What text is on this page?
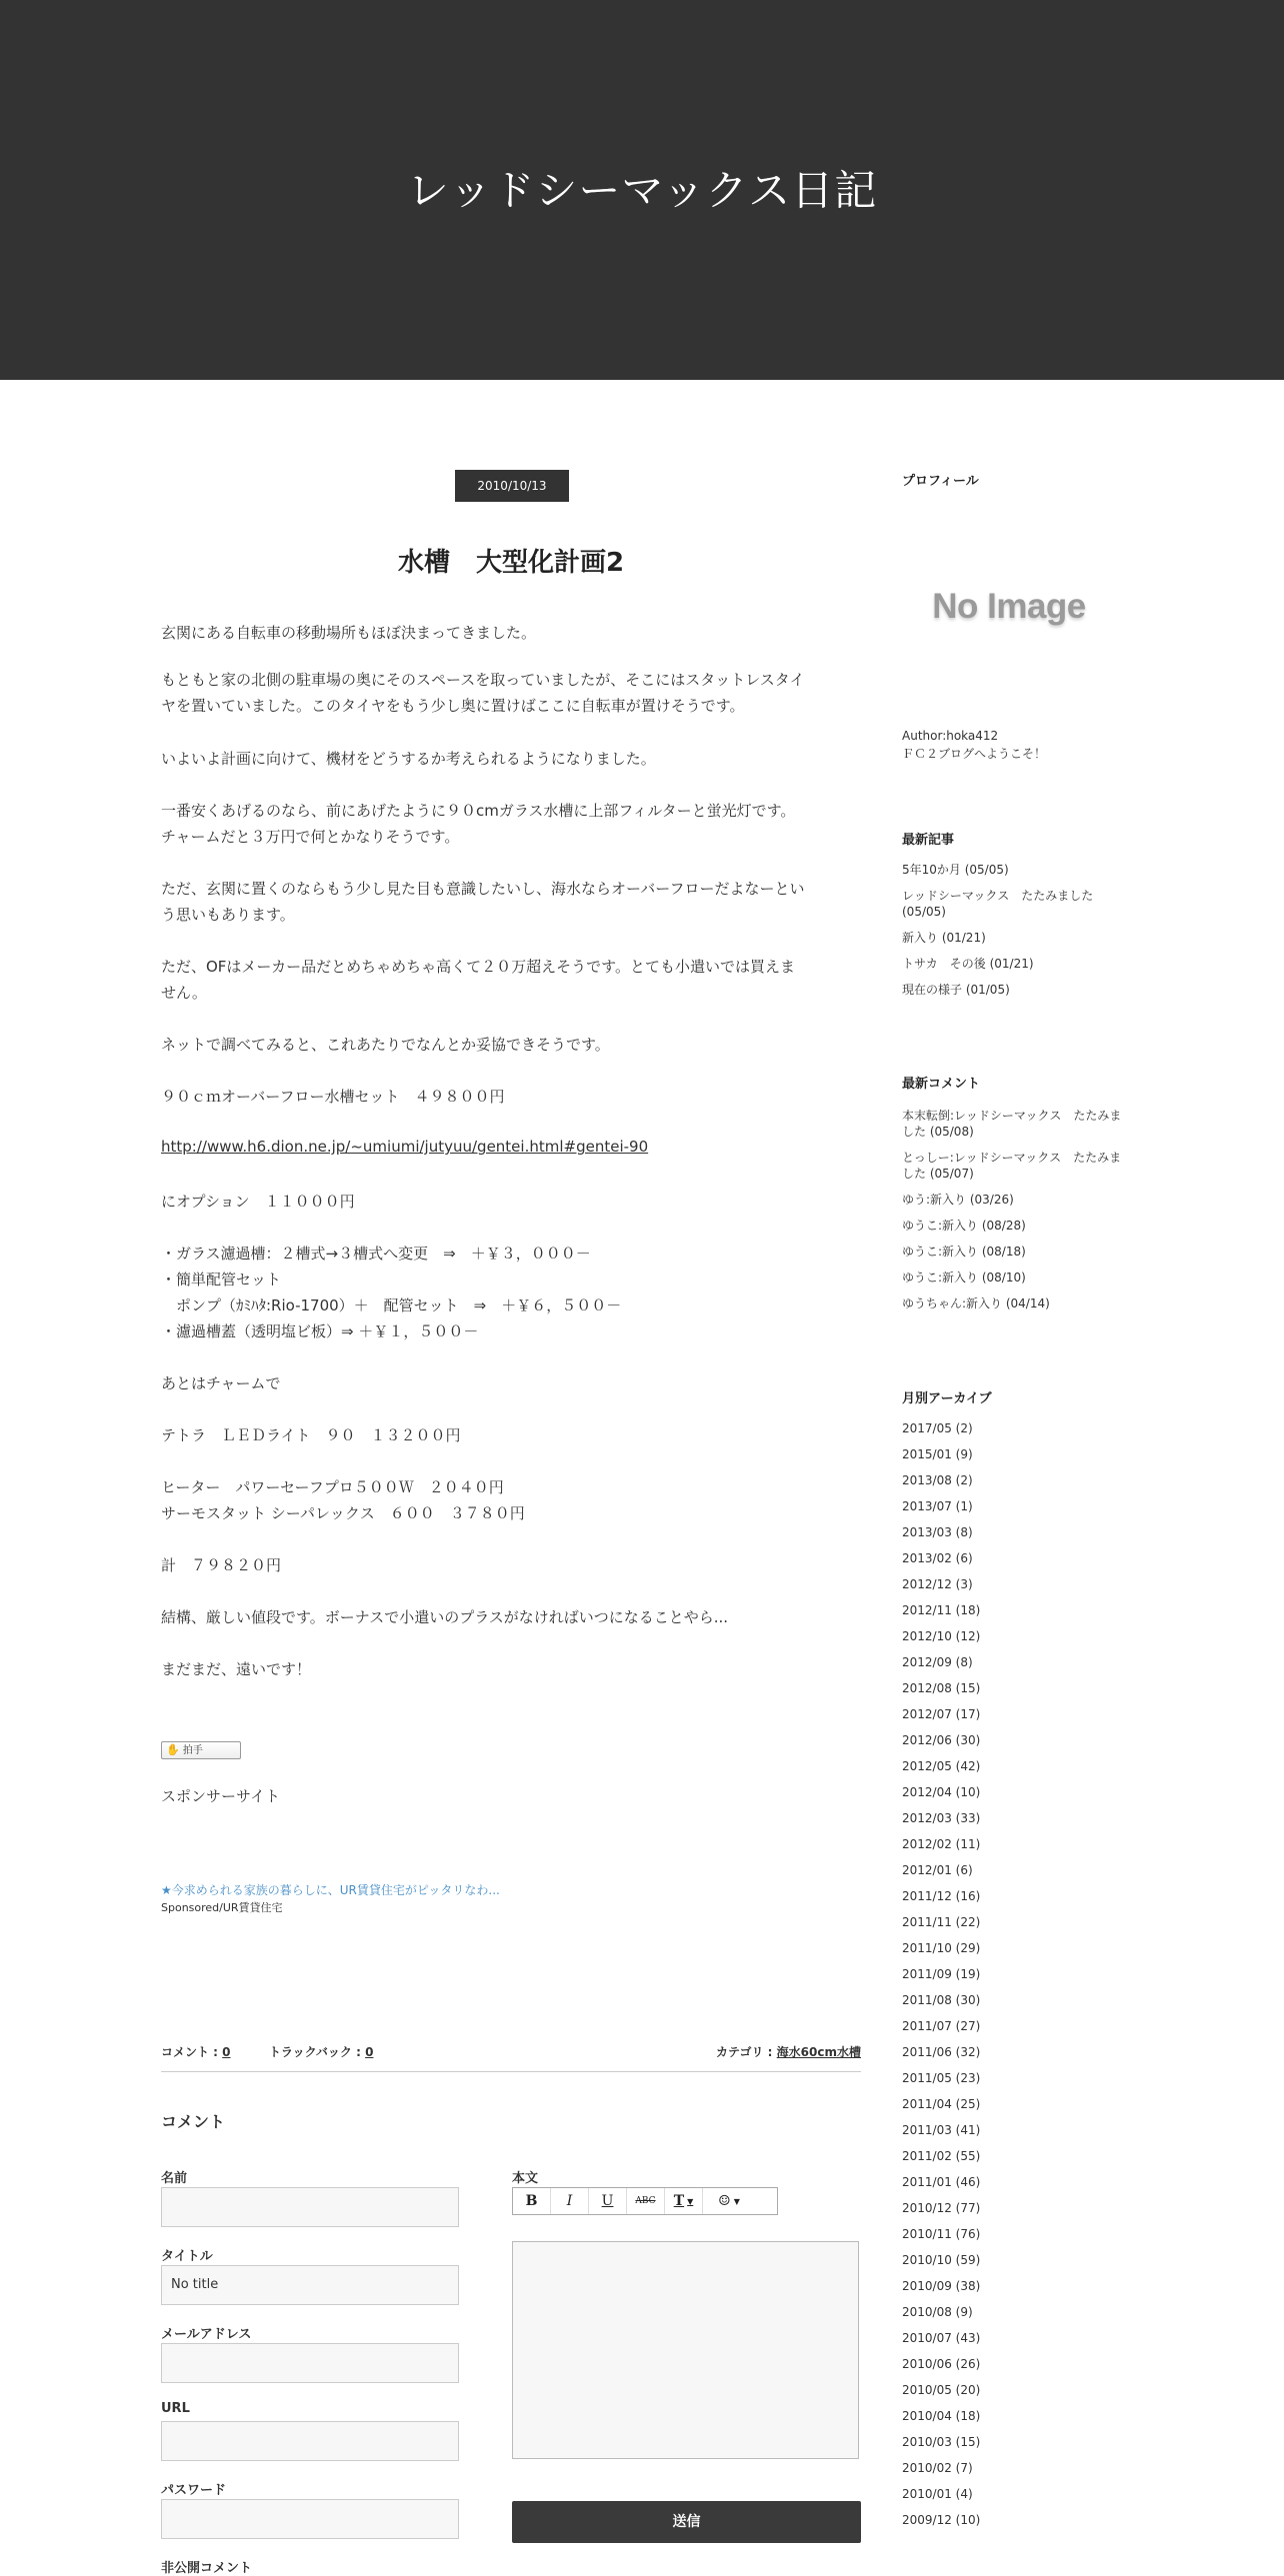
レッドシーマックス日記
2010/10/13
水槽　大型化計画2
玄関にある自転車の移動場所もほぼ決まってきました。
もともと家の北側の駐車場の奥にそのスペースを取っていましたが、そこにはスタットレスタイ
ヤを置いていました。このタイヤをもう少し奥に置けばここに自転車が置けそうです。
いよいよ計画に向けて、機材をどうするか考えられるようになりました。
一番安くあげるのなら、前にあげたように９０cmガラス水槽に上部フィルターと蛍光灯です。
チャームだと３万円で何とかなりそうです。
ただ、玄関に置くのならもう少し見た目も意識したいし、海水ならオーバーフローだよなーとい
う思いもあります。
ただ、OFはメーカー品だとめちゃめちゃ高くて２０万超えそうです。とても小遣いでは買えま
せん。
ネットで調べてみると、これあたりでなんとか妥協できそうです。
９０ｃｍオーバーフロー水槽セット　４９８００円
http://www.h6.dion.ne.jp/~umiumi/jutyuu/gentei.html#gentei-90
にオプション　１１０００円
・ガラス濾過槽：２槽式→３槽式へ変更　⇒　＋￥３，０００－
・簡単配管セット
　ポンプ（ｶﾐﾊﾀ:Rio-1700）＋　配管セット　⇒　＋￥６，５００－
・濾過槽蓋（透明塩ビ板）⇒ ＋￥１，５００－
あとはチャームで
テトラ　ＬＥＤライト　９０　１３２００円
ヒーター　パワーセーフプロ５００Ｗ　２０４０円
サーモスタット シーパレックス　６００　３７８０円
計　７９８２０円
結構、厳しい値段です。ボーナスで小遣いのプラスがなければいつになることやら...
まだまだ、遠いです！
✋ 拍手
スポンサーサイト
★今求められる家族の暮らしに、UR賃貸住宅がピッタリなわ...
Sponsored/UR賃貸住宅
コメント : 0	トラックバック : 0	カテゴリ : 海水60cm水槽
コメント
名前
タイトル
No title
メールアドレス
URL
パスワード
非公開コメント
本文
B	I	U	ABC	T ▼	☺ ▼
送信
プロフィール
No Image
Author:hoka412
ＦＣ２ブログへようこそ！
最新記事
5年10か月 (05/05)
レッドシーマックス　たたみました (05/05)
新入り (01/21)
トサカ　その後 (01/21)
現在の様子 (01/05)
最新コメント
本末転倒:レッドシーマックス　たたみました (05/08)
とっしー:レッドシーマックス　たたみました (05/07)
ゆう:新入り (03/26)
ゆうこ:新入り (08/28)
ゆうこ:新入り (08/18)
ゆうこ:新入り (08/10)
ゆうちゃん:新入り (04/14)
月別アーカイブ
2017/05 (2)
2015/01 (9)
2013/08 (2)
2013/07 (1)
2013/03 (8)
2013/02 (6)
2012/12 (3)
2012/11 (18)
2012/10 (12)
2012/09 (8)
2012/08 (15)
2012/07 (17)
2012/06 (30)
2012/05 (42)
2012/04 (10)
2012/03 (33)
2012/02 (11)
2012/01 (6)
2011/12 (16)
2011/11 (22)
2011/10 (29)
2011/09 (19)
2011/08 (30)
2011/07 (27)
2011/06 (32)
2011/05 (23)
2011/04 (25)
2011/03 (41)
2011/02 (55)
2011/01 (46)
2010/12 (77)
2010/11 (76)
2010/10 (59)
2010/09 (38)
2010/08 (9)
2010/07 (43)
2010/06 (26)
2010/05 (20)
2010/04 (18)
2010/03 (15)
2010/02 (7)
2010/01 (4)
2009/12 (10)
